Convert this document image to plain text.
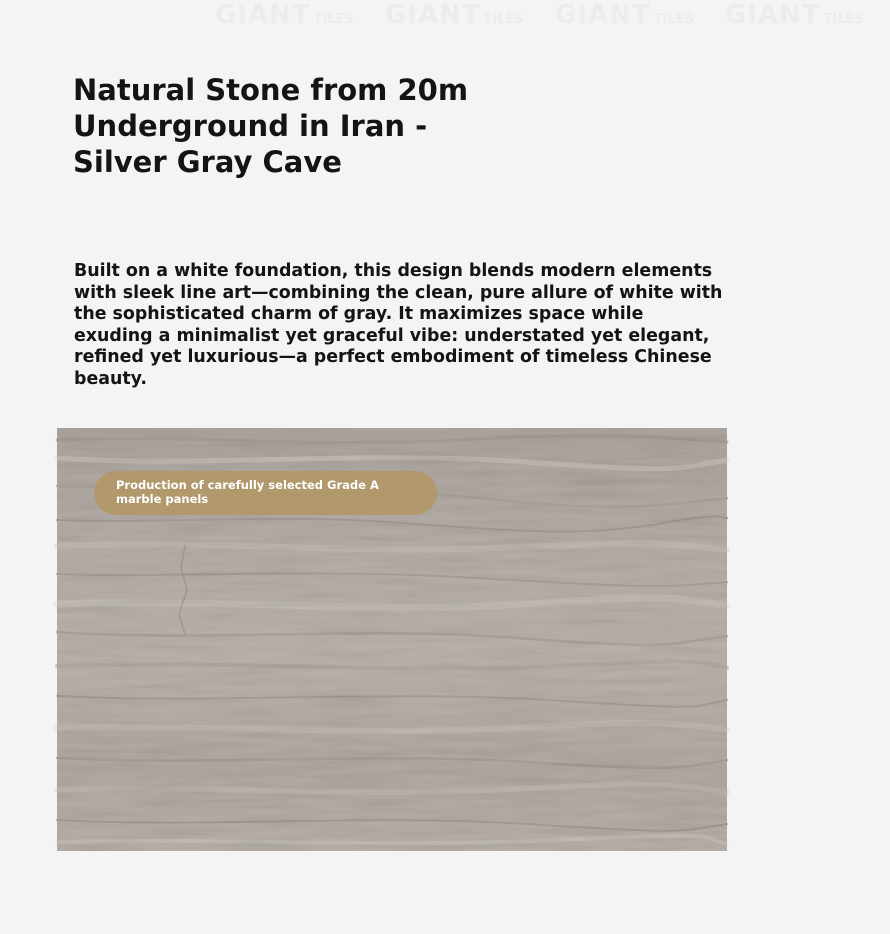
GIANT TILES GIANT TILES GIANT TILES GIANT TILES
Natural Stone from 20m Underground in Iran - Silver Gray Cave

Built on a white foundation, this design blends modern elements with sleek line art—combining the clean, pure allure of white with the sophisticated charm of gray. It maximizes space while exuding a minimalist yet graceful vibe: understated yet elegant, refined yet luxurious—a perfect embodiment of timeless Chinese beauty.

Production of carefully selected Grade A marble panels
